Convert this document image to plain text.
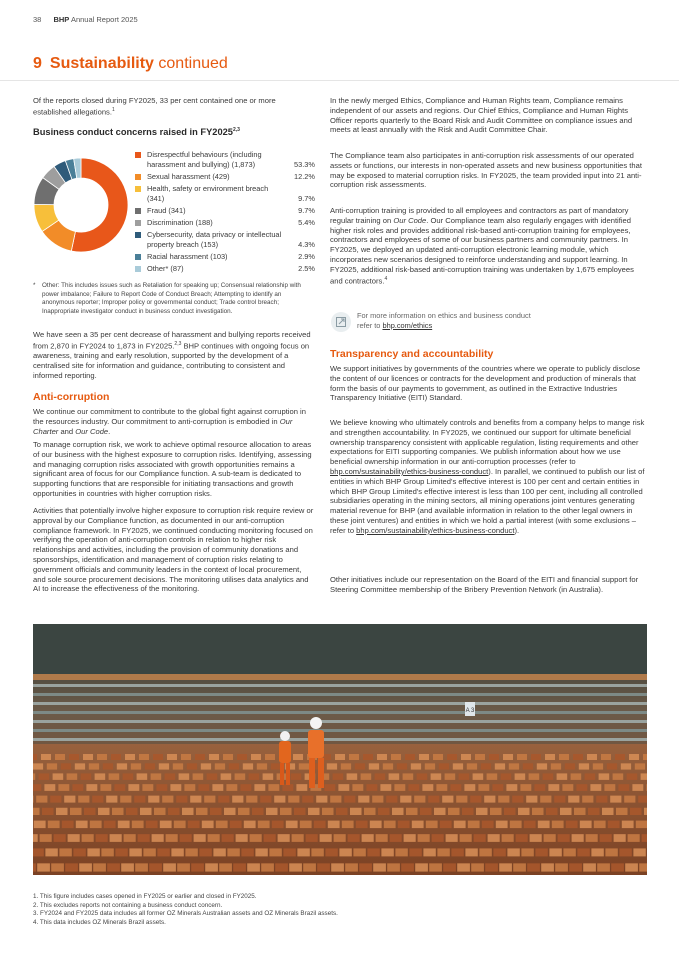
38 BHP Annual Report 2025
9 Sustainability continued

Of the reports closed during FY2025, 33 per cent contained one or more established allegations.$^1$

Business conduct concerns raised in FY2025$^{2,3}$
Disrespectful behaviours (including harassment and bullying) (1,873)	53.3%
Sexual harassment (429)	12.2%
Health, safety or environment breach (341)	9.7%
Fraud (341)	9.7%
Discrimination (188)	5.4%
Cybersecurity, data privacy or intellectual property breach (153)	4.3%
Racial harassment (103)	2.9%
Other* (87)	2.5%

* Other: This includes issues such as Retaliation for speaking up; Consensual relationship with power imbalance; Failure to Report Code of Conduct Breach; Attempting to identify an anonymous reporter; Improper policy or governmental conduct; Trade control breach; Inappropriate investigator conduct in business conduct investigation.

We have seen a 35 per cent decrease of harassment and bullying reports received from 2,870 in FY2024 to 1,873 in FY2025.$^{2,3}$ BHP continues with ongoing focus on awareness, training and early resolution, supported by the development of a centralised site for information and guidance, contributing to consistent and informed reporting.

Anti-corruption

We continue our commitment to contribute to the global fight against corruption in the resources industry. Our commitment to anti-corruption is embodied in Our Charter and Our Code.

To manage corruption risk, we work to achieve optimal resource allocation to areas of our business with the highest exposure to corruption risks. Identifying, assessing and managing corruption risks associated with growth opportunities remains a significant area of focus for our Compliance function. A sub-team is dedicated to supporting functions that are responsible for initiating transactions and growth opportunities in countries with higher corruption risks.

Activities that potentially involve higher exposure to corruption risk require review or approval by our Compliance function, as documented in our anti-corruption compliance framework. In FY2025, we continued conducting monitoring focused on verifying the operation of anti-corruption controls in relation to higher risk relationships and activities, including the provision of community donations and sponsorships, identification and management of corruption risks relating to government officials and community leaders in the context of local procurement, and sole source procurement decisions. The monitoring utilises data analytics and AI to increase the effectiveness of the monitoring.

In the newly merged Ethics, Compliance and Human Rights team, Compliance remains independent of our assets and regions. Our Chief Ethics, Compliance and Human Rights Officer reports quarterly to the Board Risk and Audit Committee on compliance issues and meets at least annually with the Risk and Audit Committee Chair.

The Compliance team also participates in anti-corruption risk assessments of our operated assets or functions, our interests in non-operated assets and new business opportunities that may be exposed to material corruption risks. In FY2025, the team provided input into 21 anti-corruption risk assessments.

Anti-corruption training is provided to all employees and contractors as part of mandatory regular training on Our Code. Our Compliance team also regularly engages with identified higher risk roles and provides additional risk-based anti-corruption training for employees, contractors and employees of some of our business partners and community partners. In FY2025, we deployed an updated anti-corruption electronic learning module, which incorporates new scenarios designed to reinforce understanding and support learning. In FY2025, additional risk-based anti-corruption training was undertaken by 1,675 employees and contractors.$^4$

For more information on ethics and business conduct
refer to bhp.com/ethics
Transparency and accountability

We support initiatives by governments of the countries where we operate to publicly disclose the content of our licences or contracts for the development and production of minerals that form the basis of our payments to government, as outlined in the Extractive Industries Transparency Initiative (EITI) Standard.

We believe knowing who ultimately controls and benefits from a company helps to mange risk and strengthen accountability. In FY2025, we continued our support for ultimate beneficial ownership transparency consistent with applicable regulation, listing requirements and other expectations for EITI supporting companies. We publish information about how we use beneficial ownership information in our anti-corruption processes (refer to bhp.com/sustainability/ethics-business-conduct). In parallel, we continued to publish our list of entities in which BHP Group Limited's effective interest is 100 per cent and certain entities in which BHP Group Limited's effective interest is less than 100 per cent, including all controlled subsidiaries operating in the mining sectors, all mining operations joint ventures generating material revenue for BHP (and available information in relation to the other legal owners in these joint ventures) and entities in which we hold a partial interest (with some exclusions – refer to bhp.com/sustainability/ethics-business-conduct).

Other initiatives include our representation on the Board of the EITI and financial support for Steering Committee membership of the Bribery Prevention Network (in Australia).

A 3
1. This figure includes cases opened in FY2025 or earlier and closed in FY2025.
2. This excludes reports not containing a business conduct concern.
3. FY2024 and FY2025 data includes all former OZ Minerals Australian assets and OZ Minerals Brazil assets.
4. This data includes OZ Minerals Brazil assets.
